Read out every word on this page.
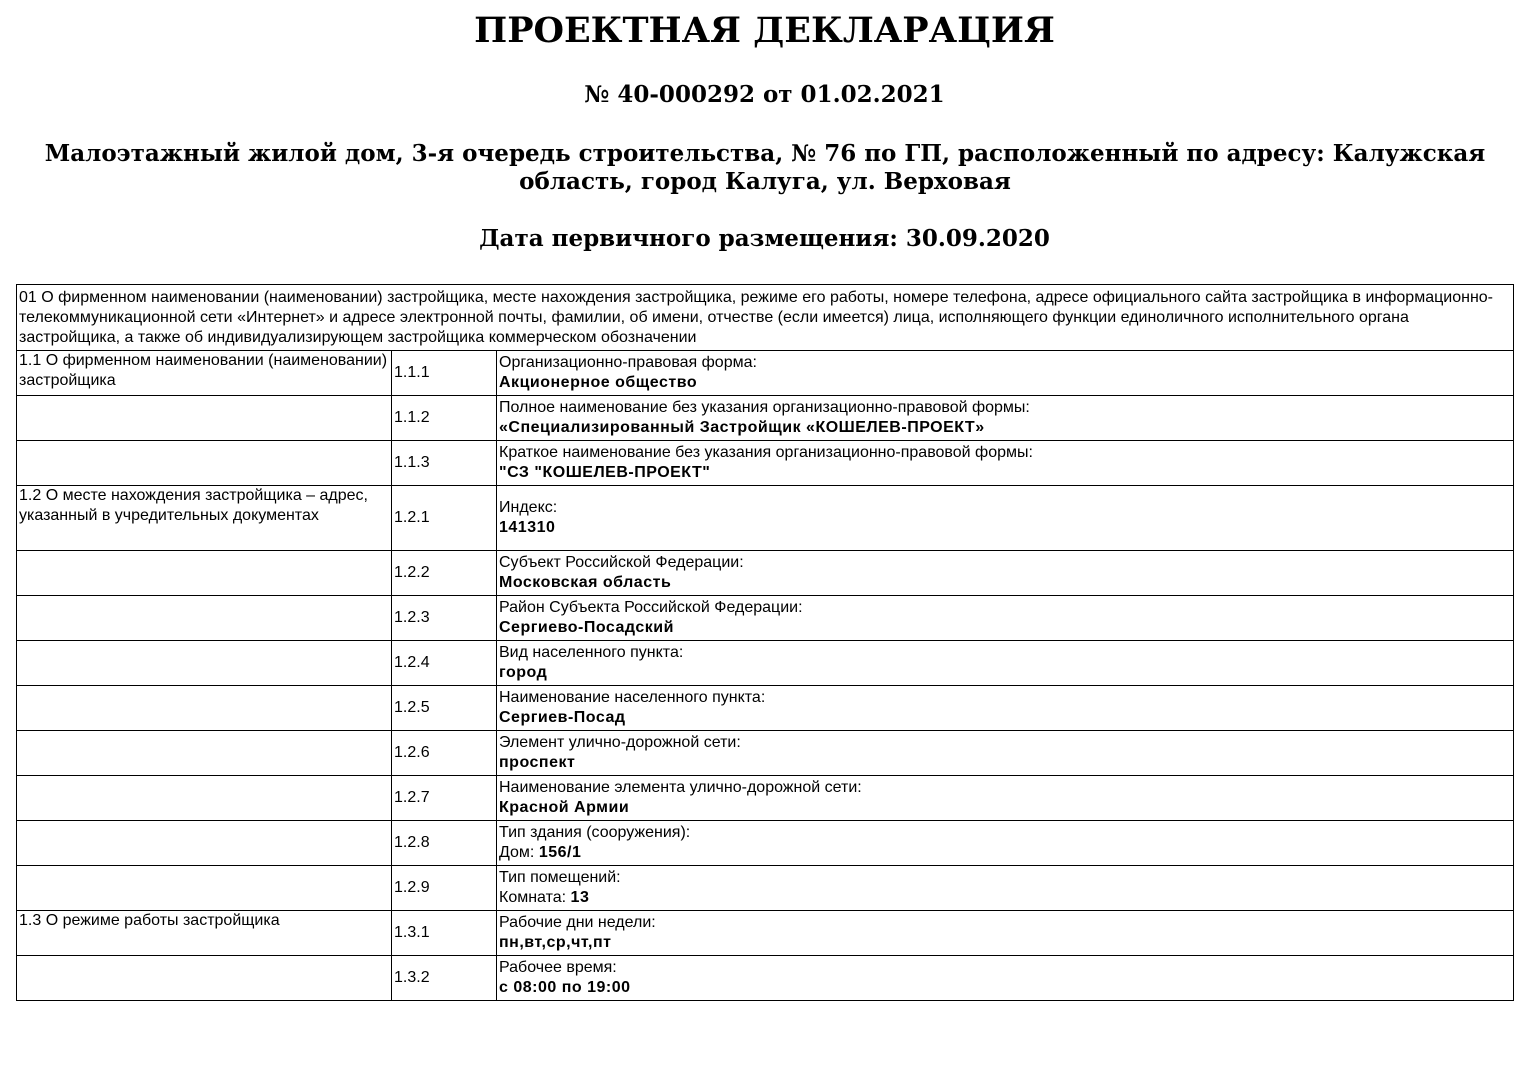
ПРОЕКТНАЯ ДЕКЛАРАЦИЯ
№ 40-000292 от 01.02.2021
Малоэтажный жилой дом, 3-я очередь строительства, № 76 по ГП, расположенный по адресу: Калужская область, город Калуга, ул. Верховая
Дата первичного размещения: 30.09.2020
01 О фирменном наименовании (наименовании) застройщика, месте нахождения застройщика, режиме его работы, номере телефона, адресе официального сайта застройщика в информационно-телекоммуникационной сети «Интернет» и адресе электронной почты, фамилии, об имени, отчестве (если имеется) лица, исполняющего функции единоличного исполнительного органа застройщика, а также об индивидуализирующем застройщика коммерческом обозначении		
1.1 О фирменном наименовании (наименовании) застройщика	1.1.1	Организационно-правовая форма:
Акционерное общество

	1.1.2	Полное наименование без указания организационно-правовой формы:
«Специализированный Застройщик «КОШЕЛЕВ-ПРОЕКТ»

	1.1.3	Краткое наименование без указания организационно-правовой формы:
"СЗ "КОШЕЛЕВ-ПРОЕКТ"

1.2 О месте нахождения застройщика – адрес, указанный в учредительных документах	1.2.1	Индекс:
141310

	1.2.2	Субъект Российской Федерации:
Московская область

	1.2.3	Район Субъекта Российской Федерации:
Сергиево-Посадский

	1.2.4	Вид населенного пункта:
город

	1.2.5	Наименование населенного пункта:
Сергиев-Посад

	1.2.6	Элемент улично-дорожной сети:
проспект

	1.2.7	Наименование элемента улично-дорожной сети:
Красной Армии

	1.2.8	Тип здания (сооружения):
Дом: 156/1

	1.2.9	Тип помещений:
Комната: 13

1.3 О режиме работы застройщика	1.3.1	Рабочие дни недели:
пн,вт,ср,чт,пт

	1.3.2	Рабочее время:
с 08:00 по 19:00
